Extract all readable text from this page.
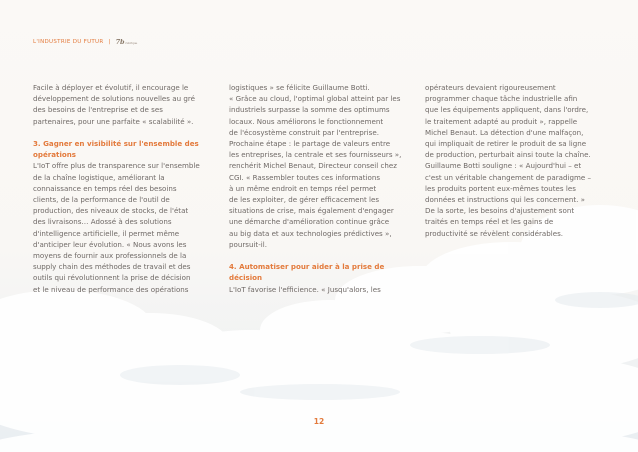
L'INDUSTRIE DU FUTUR | 7brubrique

Facile à déployer et évolutif, il encourage le

développement de solutions nouvelles au gré

des besoins de l'entreprise et de ses

partenaires, pour une parfaite « scalabilité ».

3. Gagner en visibilité sur l'ensemble des

opérations

L'IoT offre plus de transparence sur l'ensemble

de la chaîne logistique, améliorant la

connaissance en temps réel des besoins

clients, de la performance de l'outil de

production, des niveaux de stocks, de l'état

des livraisons… Adossé à des solutions

d'intelligence artificielle, il permet même

d'anticiper leur évolution. « Nous avons les

moyens de fournir aux professionnels de la

supply chain des méthodes de travail et des

outils qui révolutionnent la prise de décision

et le niveau de performance des opérations

logistiques » se félicite Guillaume Botti.

« Grâce au cloud, l'optimal global atteint par les

industriels surpasse la somme des optimums

locaux. Nous améliorons le fonctionnement

de l'écosystème construit par l'entreprise.

Prochaine étape : le partage de valeurs entre

les entreprises, la centrale et ses fournisseurs »,

renchérit Michel Benaut, Directeur conseil chez

CGI. « Rassembler toutes ces informations

à un même endroit en temps réel permet

de les exploiter, de gérer efficacement les

situations de crise, mais également d'engager

une démarche d'amélioration continue grâce

au big data et aux technologies prédictives »,

poursuit-il.

4. Automatiser pour aider à la prise de

décision

L'IoT favorise l'efficience. « Jusqu'alors, les

opérateurs devaient rigoureusement

programmer chaque tâche industrielle afin

que les équipements appliquent, dans l'ordre,

le traitement adapté au produit », rappelle

Michel Benaut. La détection d'une malfaçon,

qui impliquait de retirer le produit de sa ligne

de production, perturbait ainsi toute la chaîne.

Guillaume Botti souligne : « Aujourd'hui – et

c'est un véritable changement de paradigme –

les produits portent eux-mêmes toutes les

données et instructions qui les concernent. »

De la sorte, les besoins d'ajustement sont

traités en temps réel et les gains de

productivité se révèlent considérables.

12
